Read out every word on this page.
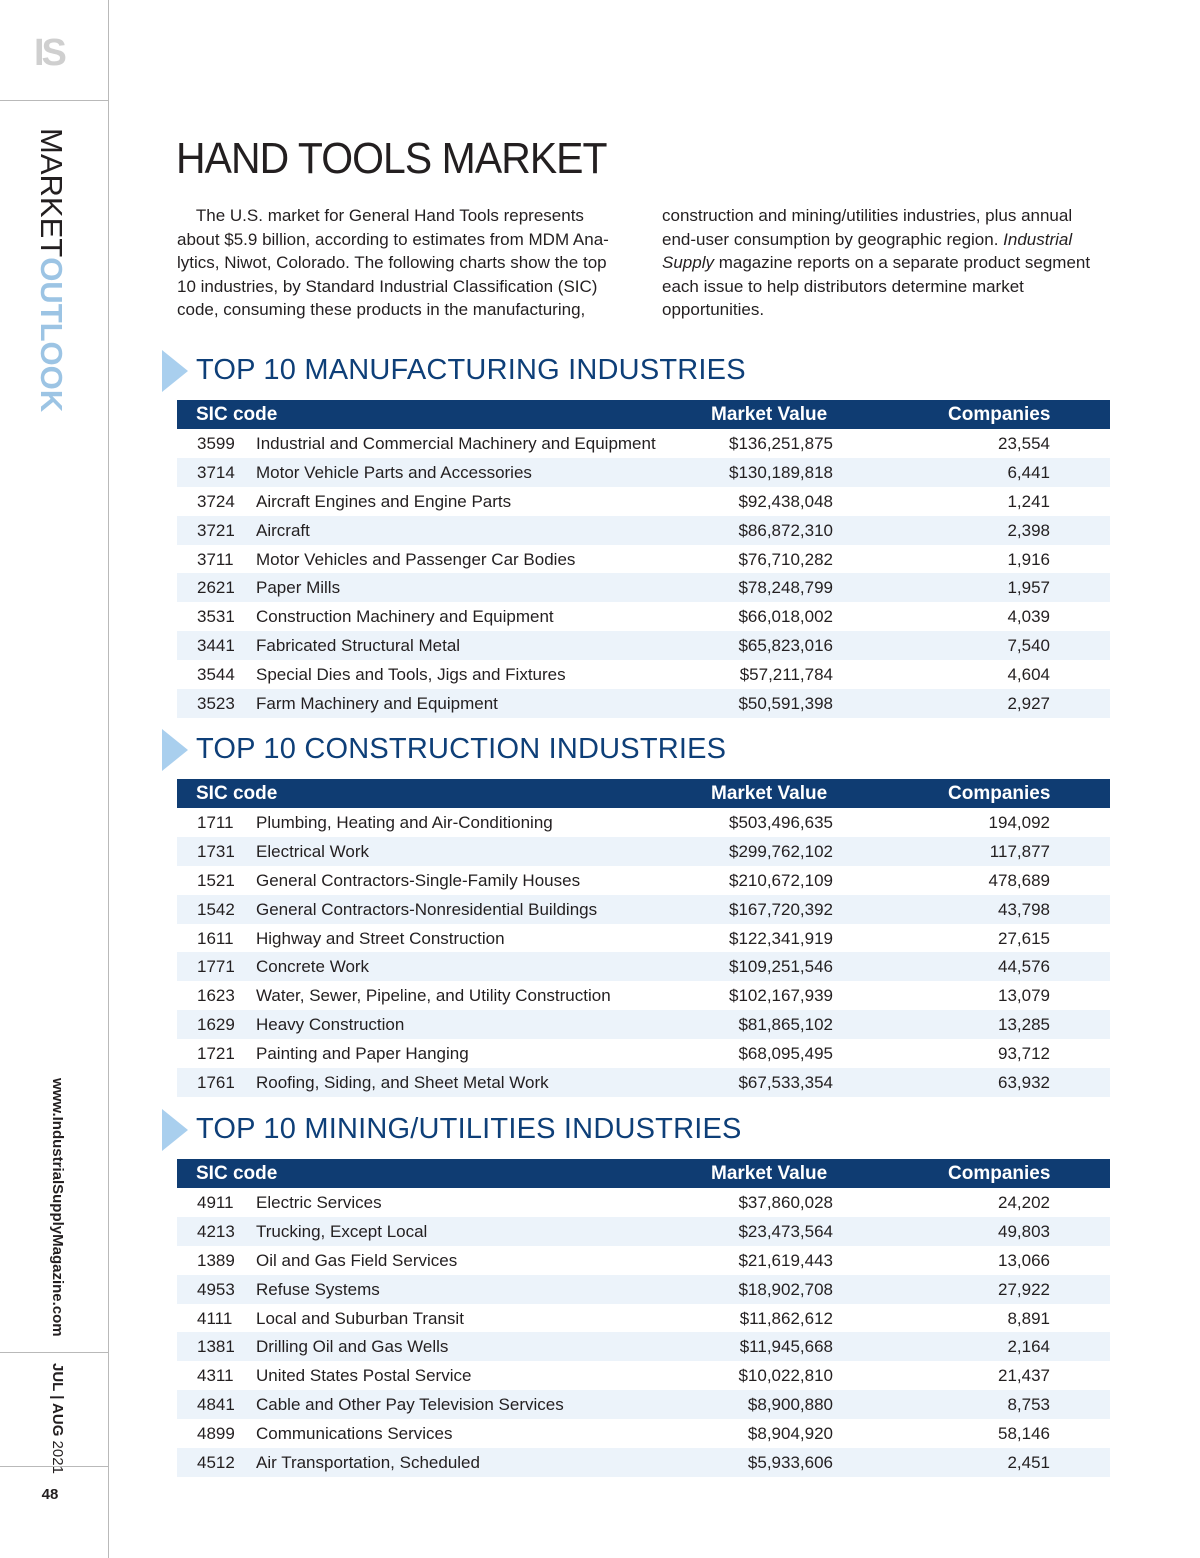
IS
MARKETOUTLOOK
www.IndustrialSupplyMagazine.com
JUL | AUG 2021
48
HAND TOOLS MARKET
The U.S. market for General Hand Tools represents about $5.9 billion, according to estimates from MDM Ana-lytics, Niwot, Colorado. The following charts show the top 10 industries, by Standard Industrial Classification (SIC) code, consuming these products in the manufacturing,
construction and mining/utilities industries, plus annual end-user consumption by geographic region. Industrial Supply magazine reports on a separate product segment each issue to help distributors determine market opportunities.
TOP 10 MANUFACTURING INDUSTRIES
SIC code	Market Value	Companies
3599 Industrial and Commercial Machinery and Equipment	$136,251,875	23,554
3714 Motor Vehicle Parts and Accessories	$130,189,818	6,441
3724 Aircraft Engines and Engine Parts	$92,438,048	1,241
3721 Aircraft	$86,872,310	2,398
3711 Motor Vehicles and Passenger Car Bodies	$76,710,282	1,916
2621 Paper Mills	$78,248,799	1,957
3531 Construction Machinery and Equipment	$66,018,002	4,039
3441 Fabricated Structural Metal	$65,823,016	7,540
3544 Special Dies and Tools, Jigs and Fixtures	$57,211,784	4,604
3523 Farm Machinery and Equipment	$50,591,398	2,927
TOP 10 CONSTRUCTION INDUSTRIES
SIC code	Market Value	Companies
1711 Plumbing, Heating and Air-Conditioning	$503,496,635	194,092
1731 Electrical Work	$299,762,102	117,877
1521 General Contractors-Single-Family Houses	$210,672,109	478,689
1542 General Contractors-Nonresidential Buildings	$167,720,392	43,798
1611 Highway and Street Construction	$122,341,919	27,615
1771 Concrete Work	$109,251,546	44,576
1623 Water, Sewer, Pipeline, and Utility Construction	$102,167,939	13,079
1629 Heavy Construction	$81,865,102	13,285
1721 Painting and Paper Hanging	$68,095,495	93,712
1761 Roofing, Siding, and Sheet Metal Work	$67,533,354	63,932
TOP 10 MINING/UTILITIES INDUSTRIES
SIC code	Market Value	Companies
4911 Electric Services	$37,860,028	24,202
4213 Trucking, Except Local	$23,473,564	49,803
1389 Oil and Gas Field Services	$21,619,443	13,066
4953 Refuse Systems	$18,902,708	27,922
4111 Local and Suburban Transit	$11,862,612	8,891
1381 Drilling Oil and Gas Wells	$11,945,668	2,164
4311 United States Postal Service	$10,022,810	21,437
4841 Cable and Other Pay Television Services	$8,900,880	8,753
4899 Communications Services	$8,904,920	58,146
4512 Air Transportation, Scheduled	$5,933,606	2,451
